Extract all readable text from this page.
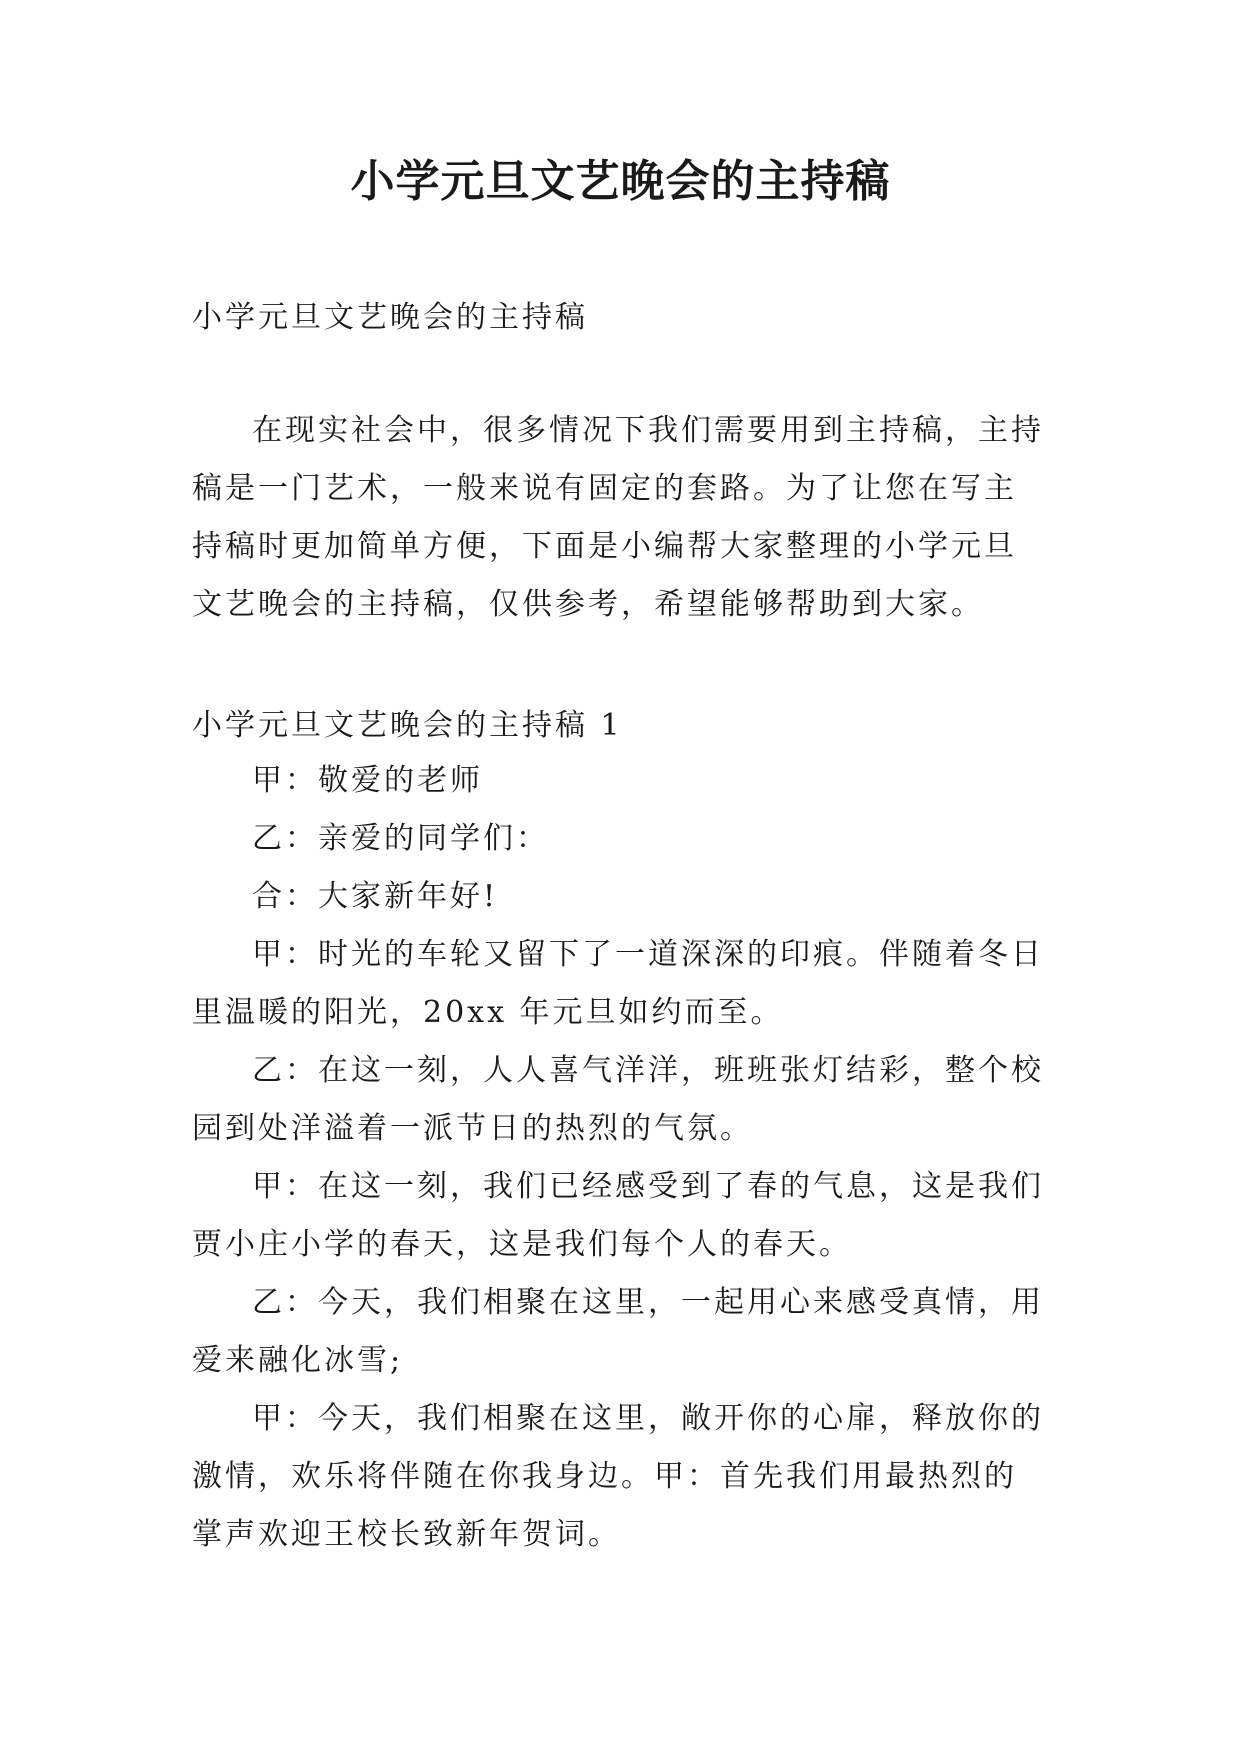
小学元旦文艺晚会的主持稿
小学元旦文艺晚会的主持稿
在现实社会中，很多情况下我们需要用到主持稿，主持稿是一门艺术，一般来说有固定的套路。为了让您在写主持稿时更加简单方便，下面是小编帮大家整理的小学元旦文艺晚会的主持稿，仅供参考，希望能够帮助到大家。
小学元旦文艺晚会的主持稿 1

甲：敬爱的老师

乙：亲爱的同学们：

合：大家新年好!

甲：时光的车轮又留下了一道深深的印痕。伴随着冬日里温暖的阳光，20xx 年元旦如约而至。

乙：在这一刻，人人喜气洋洋，班班张灯结彩，整个校园到处洋溢着一派节日的热烈的气氛。

甲：在这一刻，我们已经感受到了春的气息，这是我们贾小庄小学的春天，这是我们每个人的春天。

乙：今天，我们相聚在这里，一起用心来感受真情，用爱来融化冰雪;

甲：今天，我们相聚在这里，敞开你的心扉，释放你的激情，欢乐将伴随在你我身边。甲：首先我们用最热烈的掌声欢迎王校长致新年贺词。
